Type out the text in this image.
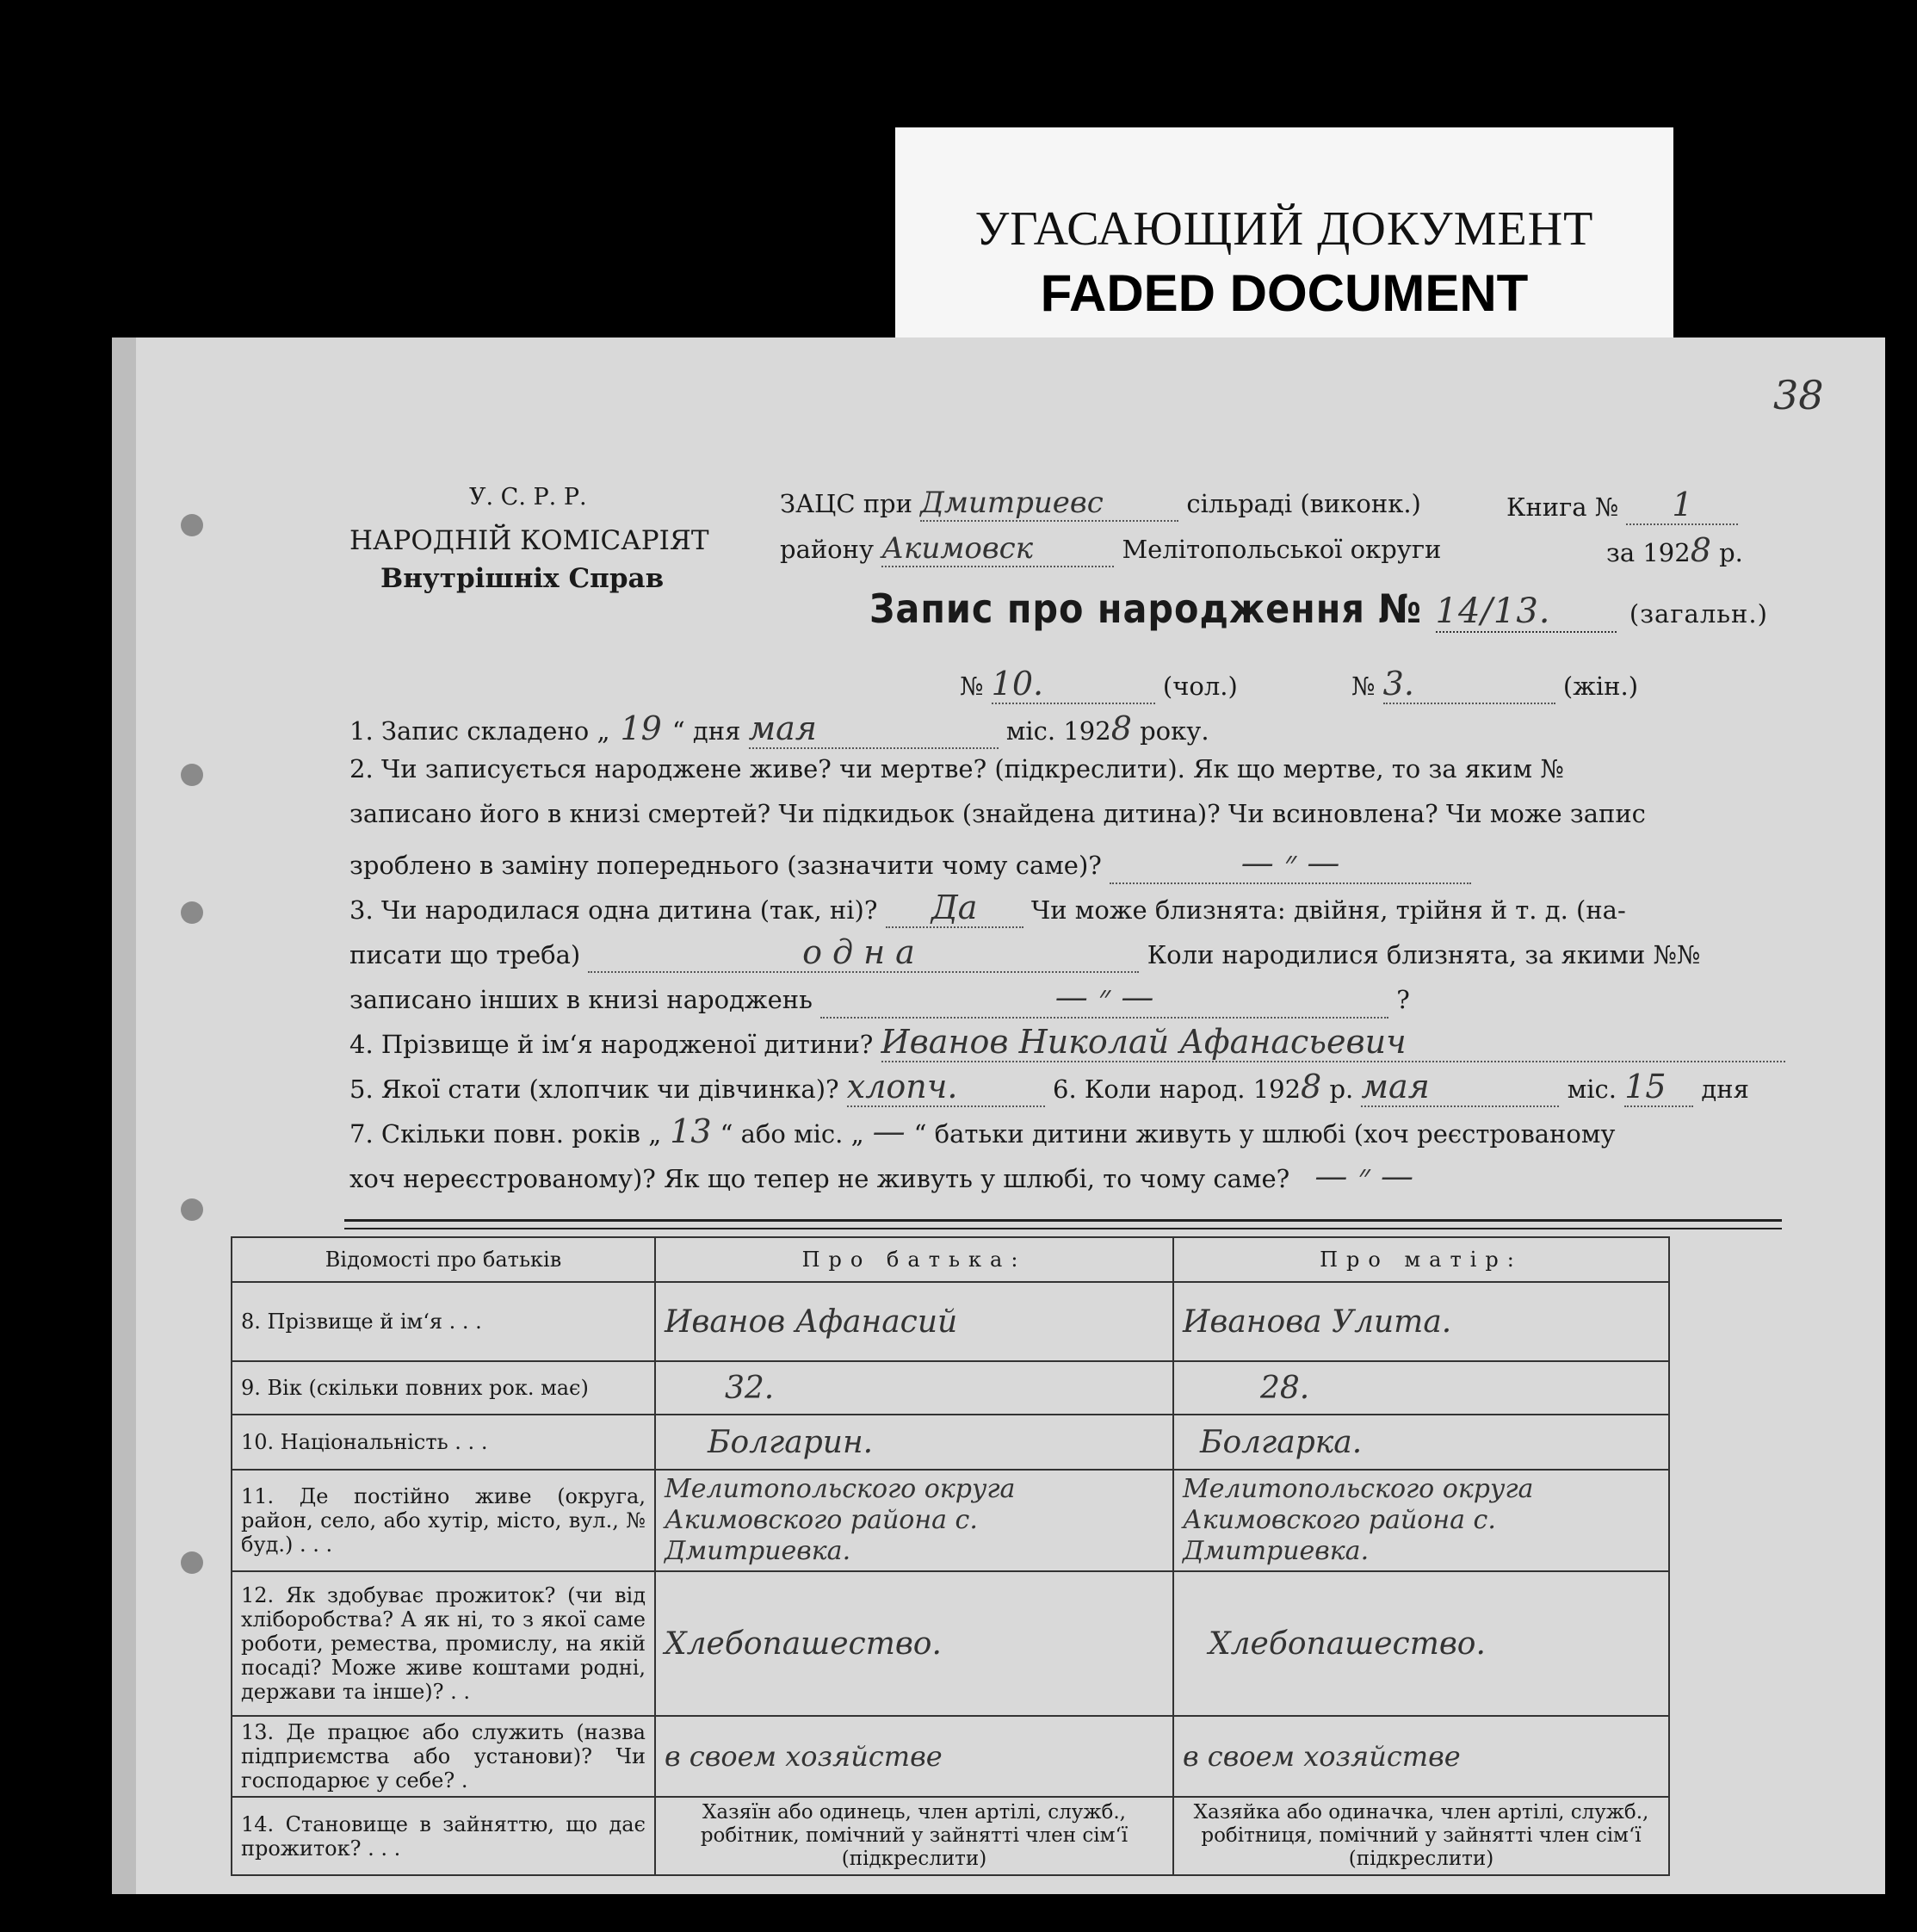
УГАСАЮЩИЙ ДОКУМЕНТ
FADED DOCUMENT
38
У. С. Р. Р.
НАРОДНІЙ КОМІСАРІЯТ
Внутрішніх Справ
ЗАЦС при Дмитриевс	сільраді (виконк.)	Книга № 1
району Акимовск	Мелітопольської округи	за 1928 р.
Запис про народження № 14/13.	(загальн.)
№ 10.	(чол.)	№ 3.	(жін.)
1. Запис складено „ 19 “ дня мая	міс. 1928 року.
2. Чи записується народжене живе? чи мертве? (підкреслити). Як що мертве, то за яким №
записано його в книзі смертей? Чи підкидьок (знайдена дитина)? Чи всиновлена? Чи може запис
зроблено в заміну попереднього (зазначити чому саме)?	— ״ —
3. Чи народилася одна дитина (так, ні)? Да Чи може близнята: двійня, трійня й т. д. (на-
писати що треба)	одна	Коли народилися близнята, за якими №№
записано інших в книзі народжень	— ״ —	?
4. Прізвище й ім‘я народженої дитини? Иванов Николай Афанасьевич
5. Якої стати (хлопчик чи дівчинка)? хлопч.	6. Коли народ. 1928 р. мая	міс. 15 дня
7. Скільки повн. років „ 13 “ або міс. „ — “ батьки дитини живуть у шлюбі (хоч реєстрованому
хоч нереєстрованому)? Як що тепер не живуть у шлюбі, то чому саме? — ״ —
Відомості про батьків	Про батька:	Про матір:
8. Прізвище й ім‘я . . .	Иванов Афанасий	Иванова Улита.
9. Вік (скільки повних рок. має)	32.	28.
10. Національність . . .	Болгарин.	Болгарка.
11. Де постійно живе (округа, район, село, або хутір, місто, вул., № буд.) . . .	Мелитопольского округа Акимовского района с. Дмитриевка.	Мелитопольского округа Акимовского района с. Дмитриевка.
12. Як здобуває прожиток? (чи від хліборобства? А як ні, то з якої саме роботи, ремества, промислу, на якій посаді? Може живе коштами родні, держави та інше)? . .	Хлебопашество.	Хлебопашество.
13. Де працює або служить (назва підприємства або установи)? Чи господарює у себе? .	в своем хозяйстве	в своем хозяйстве
14. Становище в зайняттю, що дає прожиток? . . .	Хазяїн або одинець, член артілі, служб., робітник, помічний у зайнятті член сім‘ї (підкреслити)	Хазяйка або одиначка, член артілі, служб., робітниця, помічний у зайнятті член сім‘ї (підкреслити)
